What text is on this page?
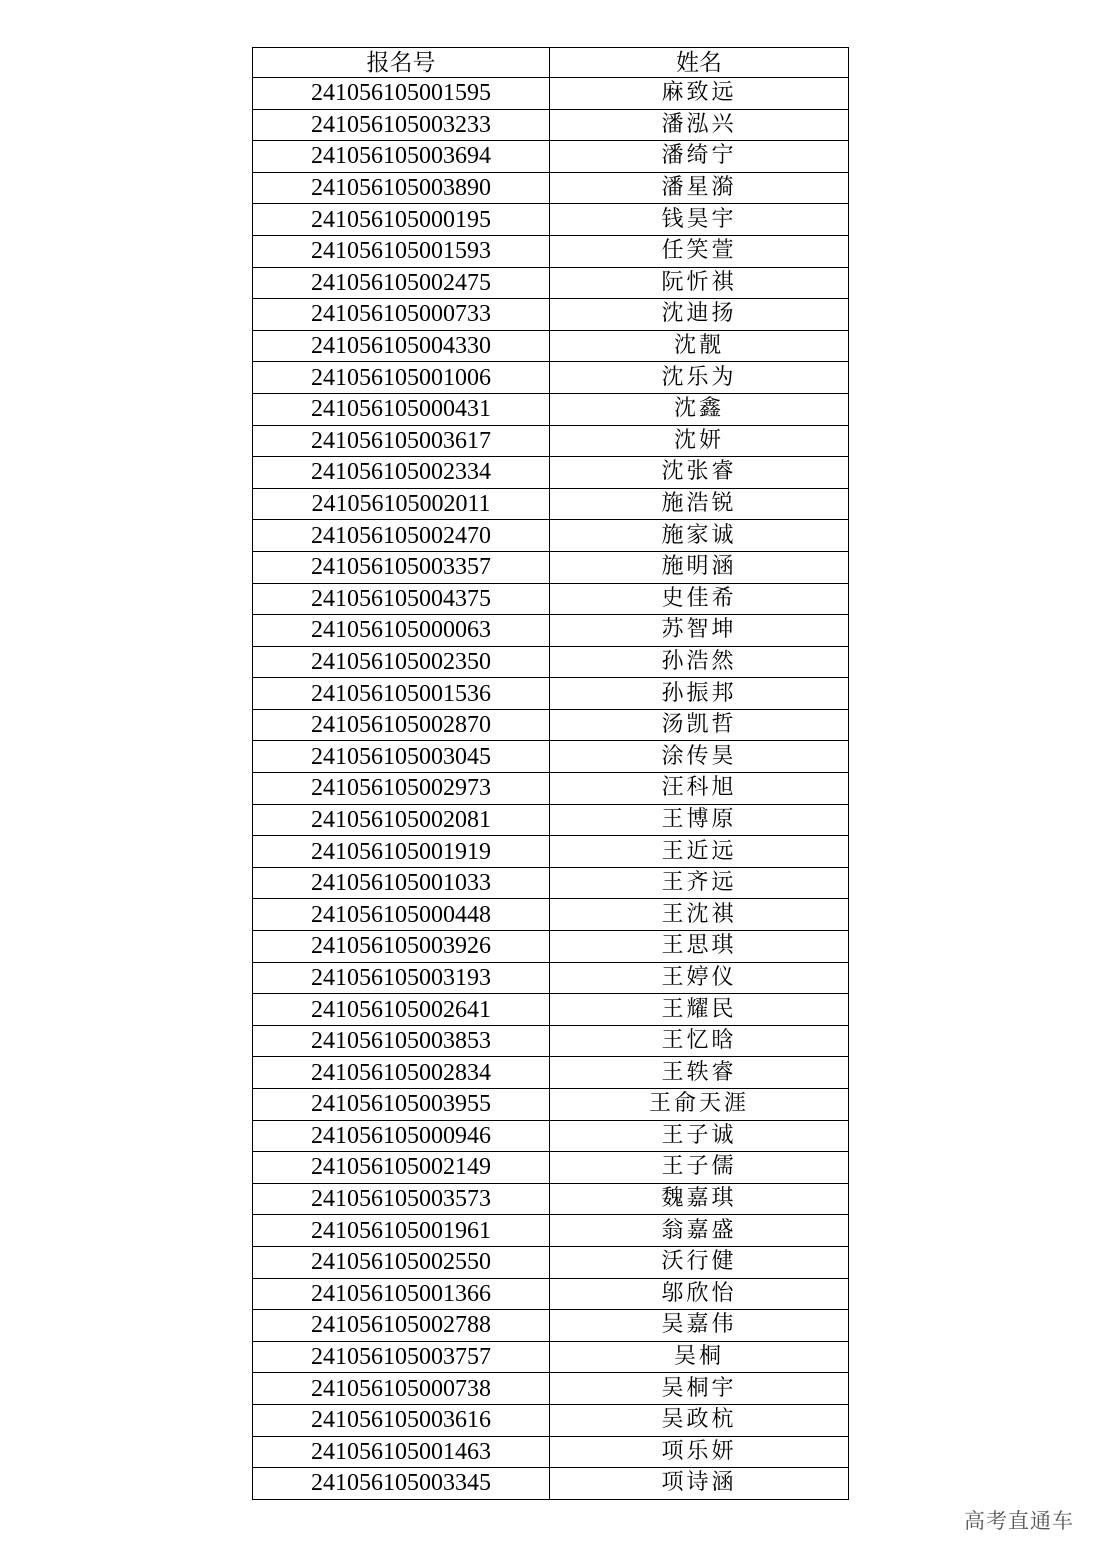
报名号	姓名
241056105001595	麻致远
241056105003233	潘泓兴
241056105003694	潘绮宁
241056105003890	潘星漪
241056105000195	钱昊宇
241056105001593	任笑萱
241056105002475	阮忻祺
241056105000733	沈迪扬
241056105004330	沈靓
241056105001006	沈乐为
241056105000431	沈鑫
241056105003617	沈妍
241056105002334	沈张睿
241056105002011	施浩锐
241056105002470	施家诚
241056105003357	施明涵
241056105004375	史佳希
241056105000063	苏智坤
241056105002350	孙浩然
241056105001536	孙振邦
241056105002870	汤凯哲
241056105003045	涂传昊
241056105002973	汪科旭
241056105002081	王博原
241056105001919	王近远
241056105001033	王齐远
241056105000448	王沈祺
241056105003926	王思琪
241056105003193	王婷仪
241056105002641	王耀民
241056105003853	王忆晗
241056105002834	王轶睿
241056105003955	王俞天涯
241056105000946	王子诚
241056105002149	王子儒
241056105003573	魏嘉琪
241056105001961	翁嘉盛
241056105002550	沃行健
241056105001366	邬欣怡
241056105002788	吴嘉伟
241056105003757	吴桐
241056105000738	吴桐宇
241056105003616	吴政杭
241056105001463	项乐妍
241056105003345	项诗涵
高考直通车
